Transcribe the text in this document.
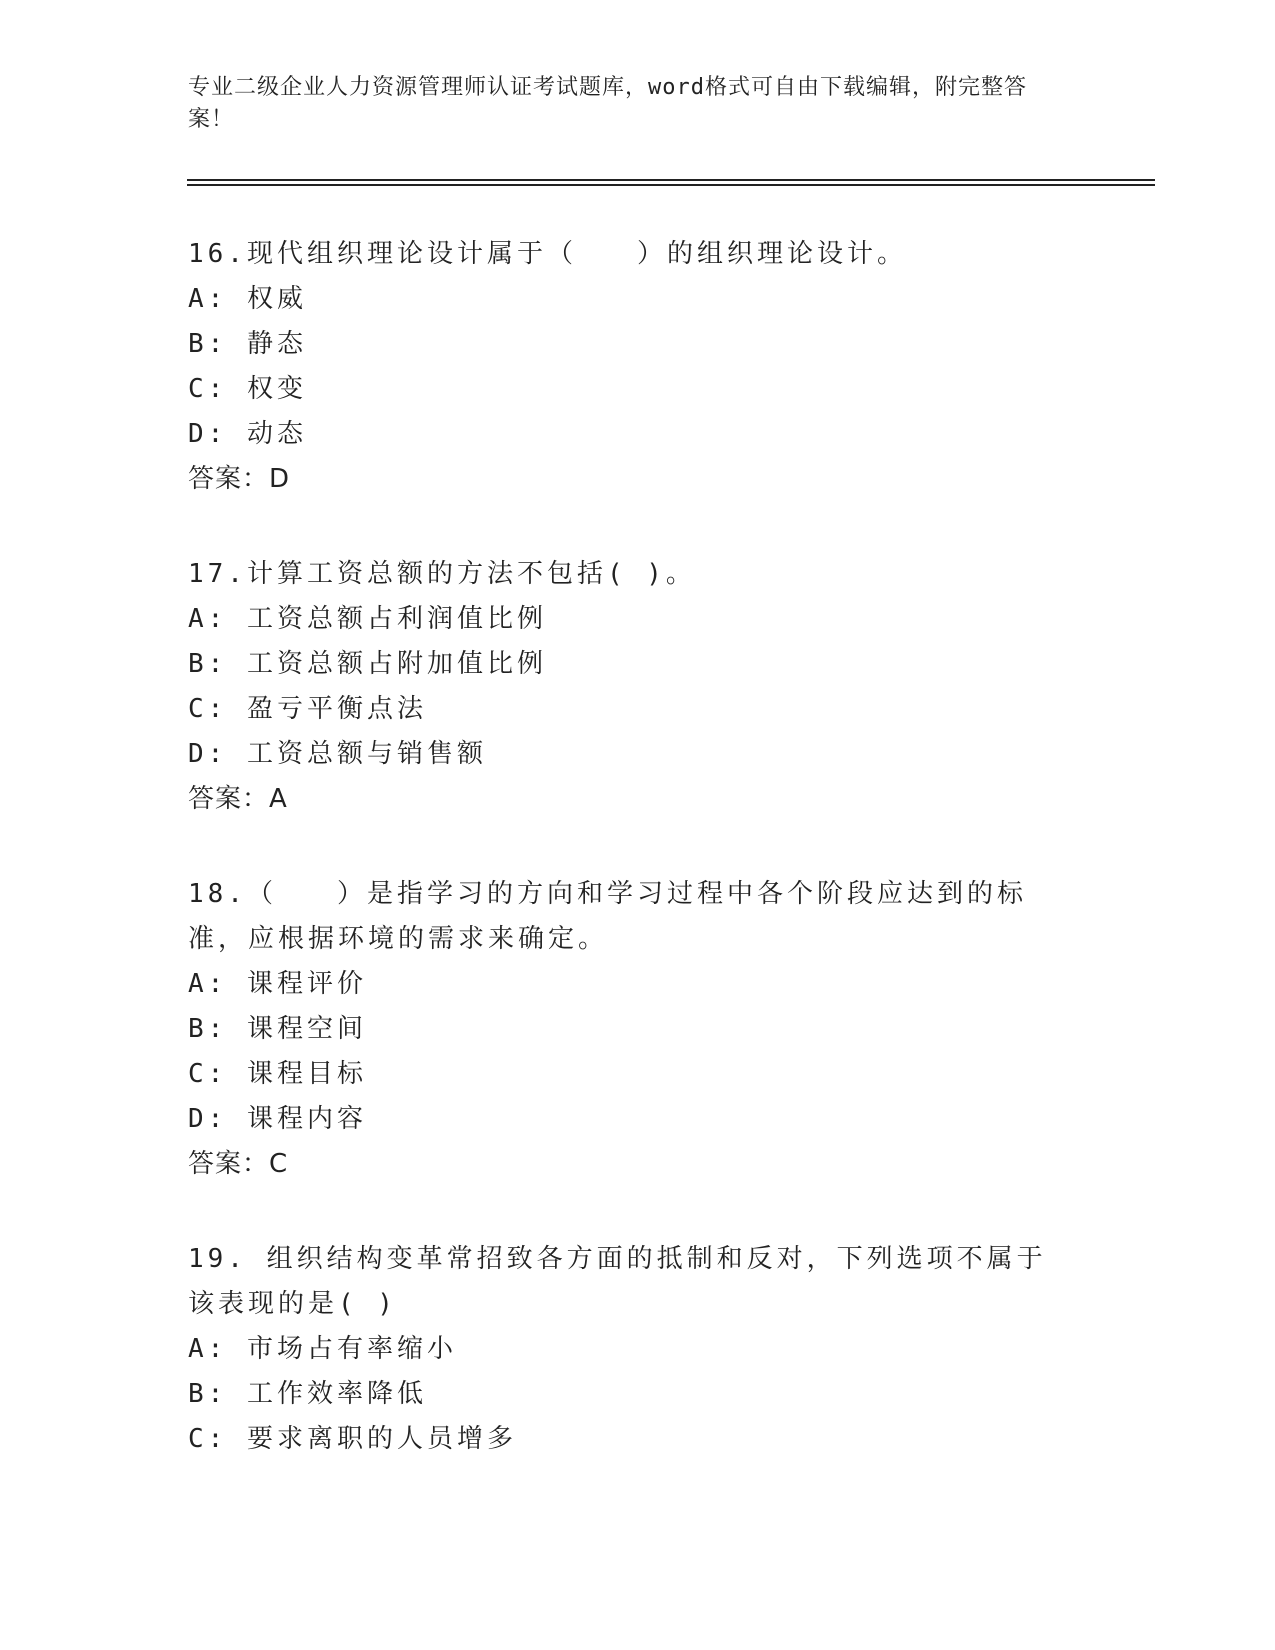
专业二级企业人力资源管理师认证考试题库，word格式可自由下载编辑，附完整答案！

16.现代组织理论设计属于（　　）的组织理论设计。

A: 权威

B: 静态

C: 权变

D: 动态

答案：D

17.计算工资总额的方法不包括( )。

A: 工资总额占利润值比例

B: 工资总额占附加值比例

C: 盈亏平衡点法

D: 工资总额与销售额

答案：A

18.（　　）是指学习的方向和学习过程中各个阶段应达到的标准，应根据环境的需求来确定。

A: 课程评价

B: 课程空间

C: 课程目标

D: 课程内容

答案：C

19. 组织结构变革常招致各方面的抵制和反对，下列选项不属于该表现的是( )

A: 市场占有率缩小

B: 工作效率降低

C: 要求离职的人员增多
